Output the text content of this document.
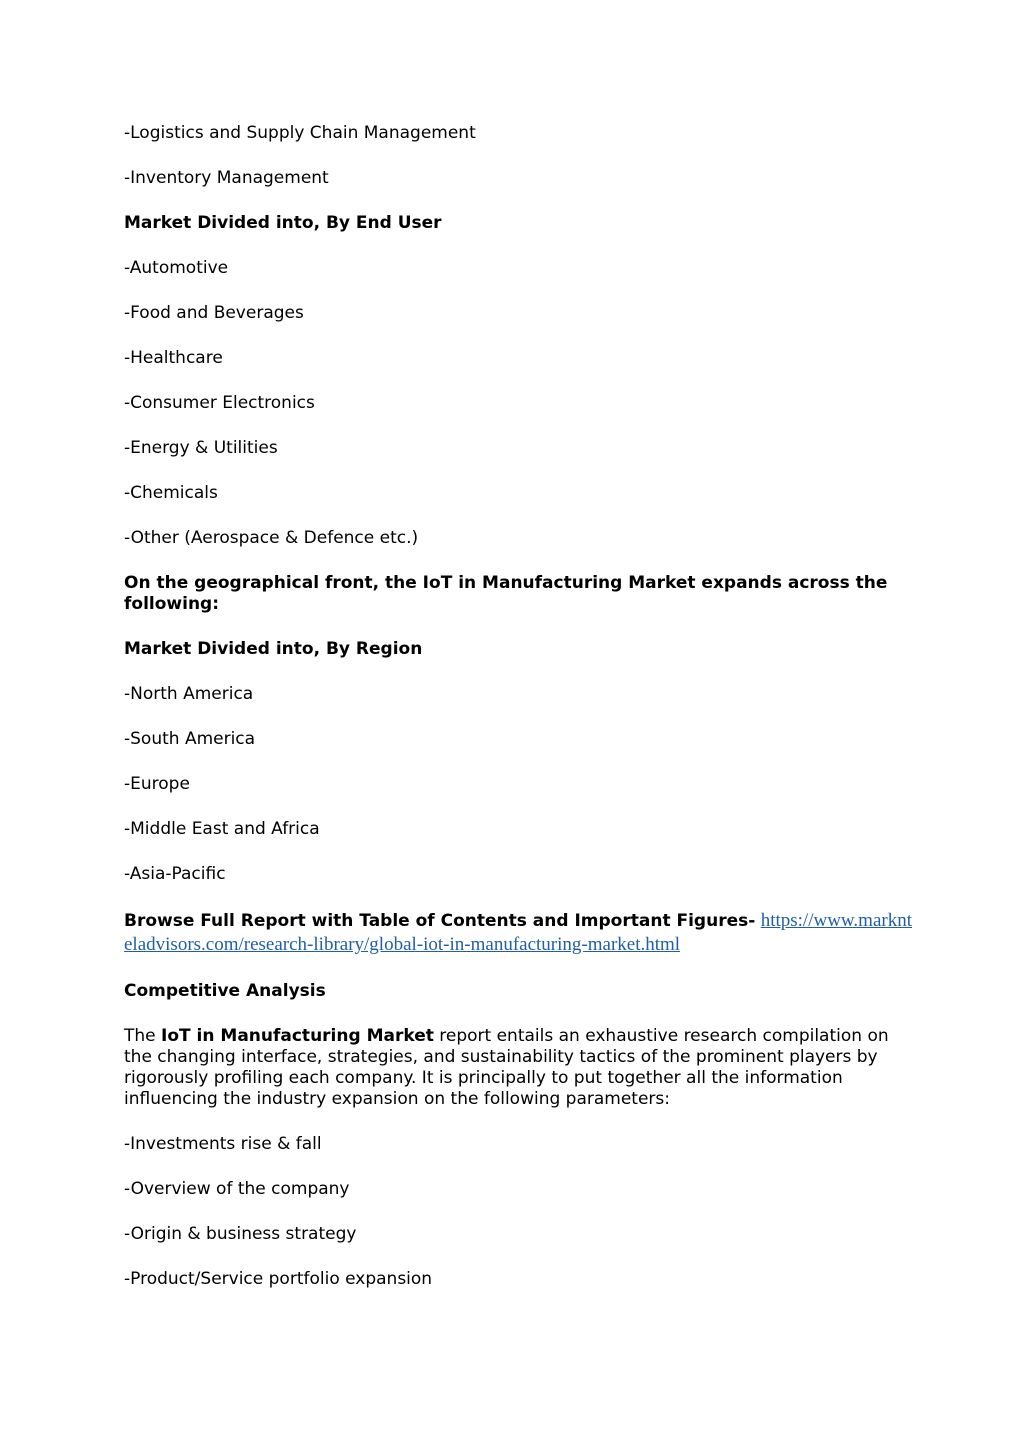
-Logistics and Supply Chain Management

-Inventory Management

Market Divided into, By End User

-Automotive

-Food and Beverages

-Healthcare

-Consumer Electronics

-Energy & Utilities

-Chemicals

-Other (Aerospace & Defence etc.)

On the geographical front, the IoT in Manufacturing Market expands across the following:

Market Divided into, By Region

-North America

-South America

-Europe

-Middle East and Africa

-Asia-Pacific

Browse Full Report with Table of Contents and Important Figures- https://www.marknteladvisors.com/research-library/global-iot-in-manufacturing-market.html

Competitive Analysis

The IoT in Manufacturing Market report entails an exhaustive research compilation on the changing interface, strategies, and sustainability tactics of the prominent players by rigorously profiling each company. It is principally to put together all the information influencing the industry expansion on the following parameters:

-Investments rise & fall

-Overview of the company

-Origin & business strategy

-Product/Service portfolio expansion
